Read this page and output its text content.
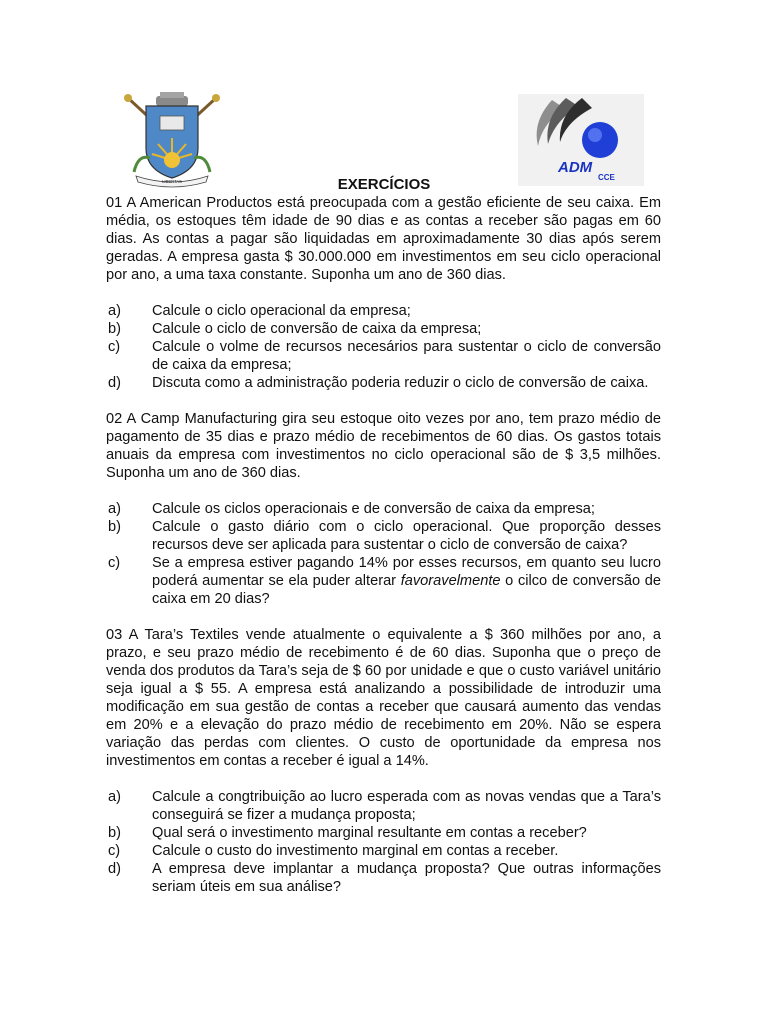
LIBERTAS
ADM
CCE
EXERCÍCIOS

01 A American Productos está preocupada com a gestão eficiente de seu caixa. Em média, os estoques têm idade de 90 dias e as contas a receber são pagas em 60 dias. As contas a pagar são liquidadas em aproximadamente 30 dias após serem geradas. A empresa gasta $ 30.000.000 em investimentos em seu ciclo operacional por ano, a uma taxa constante. Suponha um ano de 360 dias.

a) Calcule o ciclo operacional da empresa;
b) Calcule o ciclo de conversão de caixa da empresa;
c) Calcule o volme de recursos necesários para sustentar o ciclo de conversão de caixa da empresa;
d) Discuta como a administração poderia reduzir o ciclo de conversão de caixa.

02 A Camp Manufacturing gira seu estoque oito vezes por ano, tem prazo médio de pagamento de 35 dias e prazo médio de recebimentos de 60 dias. Os gastos totais anuais da empresa com investimentos no ciclo operacional são de $ 3,5 milhões. Suponha um ano de 360 dias.

a) Calcule os ciclos operacionais e de conversão de caixa da empresa;
b) Calcule o gasto diário com o ciclo operacional. Que proporção desses recursos deve ser aplicada para sustentar o ciclo de conversão de caixa?
c) Se a empresa estiver pagando 14% por esses recursos, em quanto seu lucro poderá aumentar se ela puder alterar favoravelmente o cilco de conversão de caixa em 20 dias?

03 A Tara’s Textiles vende atualmente o equivalente a $ 360 milhões por ano, a prazo, e seu prazo médio de recebimento é de 60 dias. Suponha que o preço de venda dos produtos da Tara’s seja de $ 60 por unidade e que o custo variável unitário seja igual a $ 55. A empresa está analizando a possibilidade de introduzir uma modificação em sua gestão de contas a receber que causará aumento das vendas em 20% e a elevação do prazo médio de recebimento em 20%. Não se espera variação das perdas com clientes. O custo de oportunidade da empresa nos investimentos em contas a receber é igual a 14%.

a) Calcule a congtribuição ao lucro esperada com as novas vendas que a Tara’s conseguirá se fizer a mudança proposta;
b) Qual será o investimento marginal resultante em contas a receber?
c) Calcule o custo do investimento marginal em contas a receber.
d) A empresa deve implantar a mudança proposta? Que outras informações seriam úteis em sua análise?
